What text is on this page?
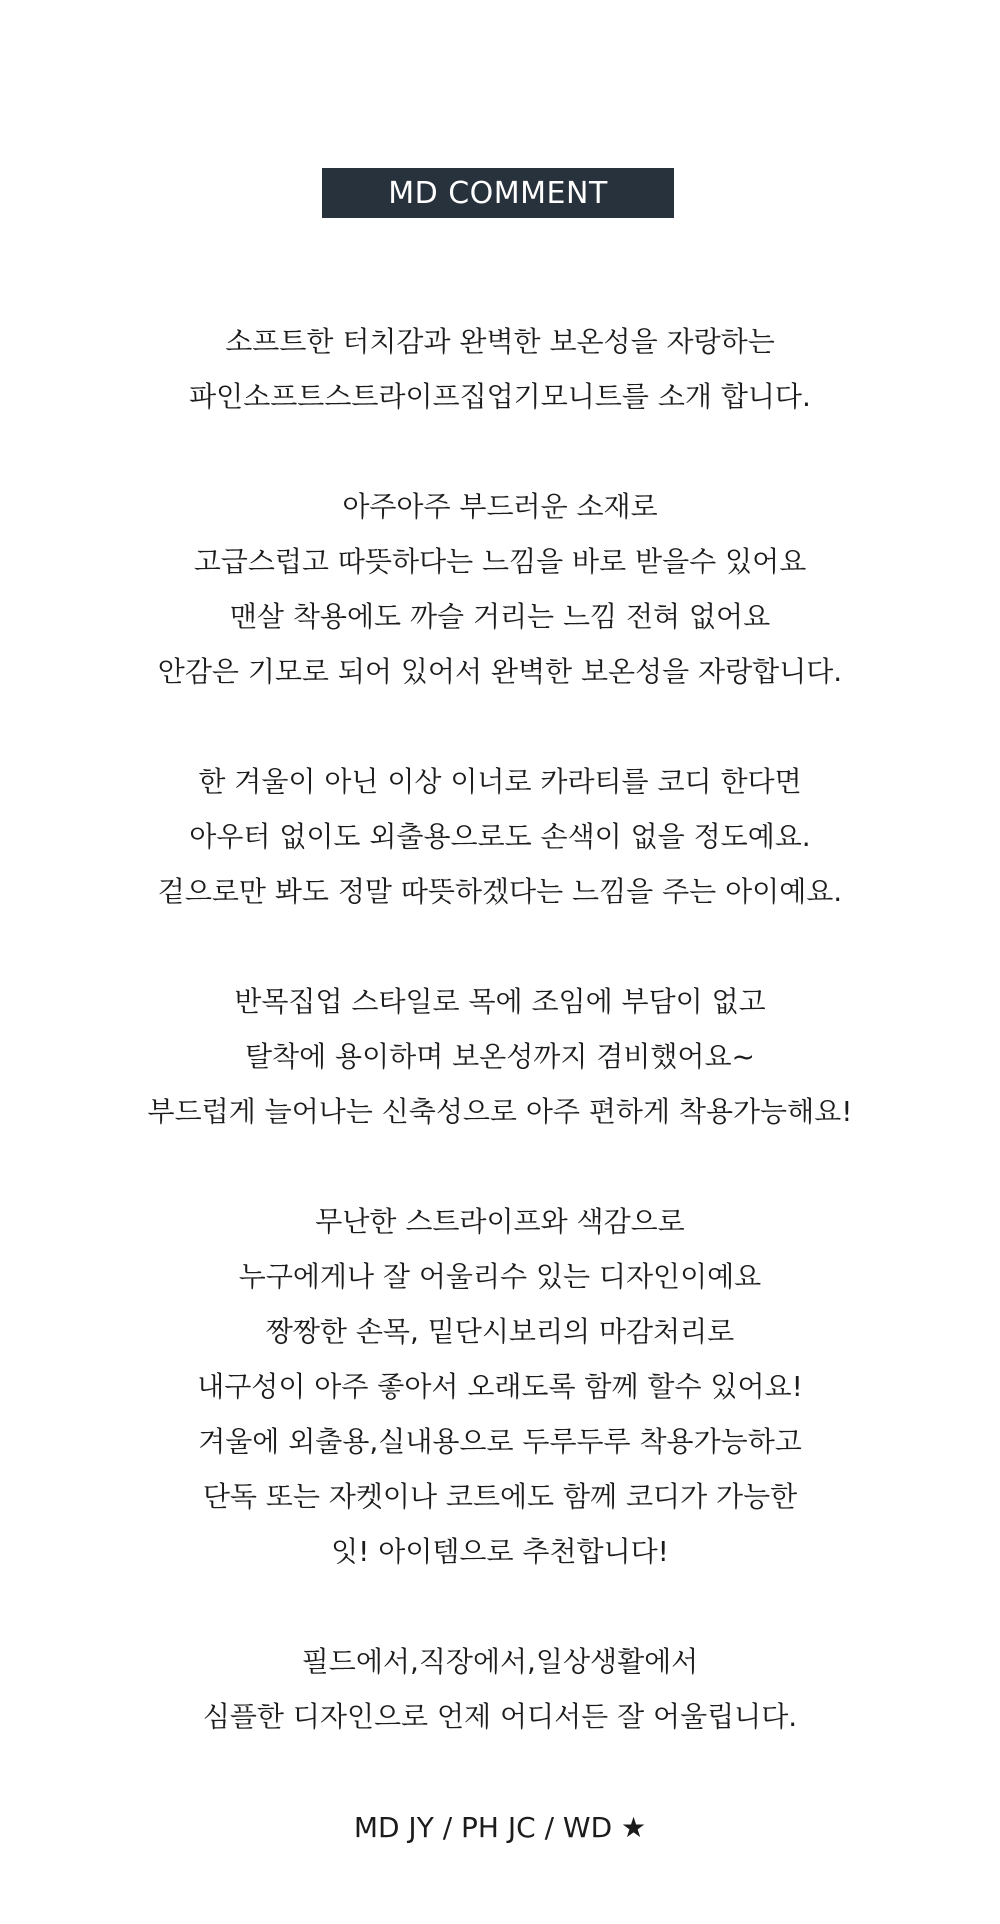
MD COMMENT
소프트한 터치감과 완벽한 보온성을 자랑하는
파인소프트스트라이프집업기모니트를 소개 합니다.
아주아주 부드러운 소재로
고급스럽고 따뜻하다는 느낌을 바로 받을수 있어요
맨살 착용에도 까슬 거리는 느낌 전혀 없어요
안감은 기모로 되어 있어서 완벽한 보온성을 자랑합니다.
한 겨울이 아닌 이상 이너로 카라티를 코디 한다면
아우터 없이도 외출용으로도 손색이 없을 정도예요.
겉으로만 봐도 정말 따뜻하겠다는 느낌을 주는 아이예요.
반목집업 스타일로 목에 조임에 부담이 없고
탈착에 용이하며 보온성까지 겸비했어요~
부드럽게 늘어나는 신축성으로 아주 편하게 착용가능해요!
무난한 스트라이프와 색감으로
누구에게나 잘 어울리수 있는 디자인이예요
짱짱한 손목, 밑단시보리의 마감처리로
내구성이 아주 좋아서 오래도록 함께 할수 있어요!
겨울에 외출용,실내용으로 두루두루 착용가능하고
단독 또는 자켓이나 코트에도 함께 코디가 가능한
잇! 아이템으로 추천합니다!
필드에서,직장에서,일상생활에서
심플한 디자인으로 언제 어디서든 잘 어울립니다.
MD JY / PH JC / WD ★
